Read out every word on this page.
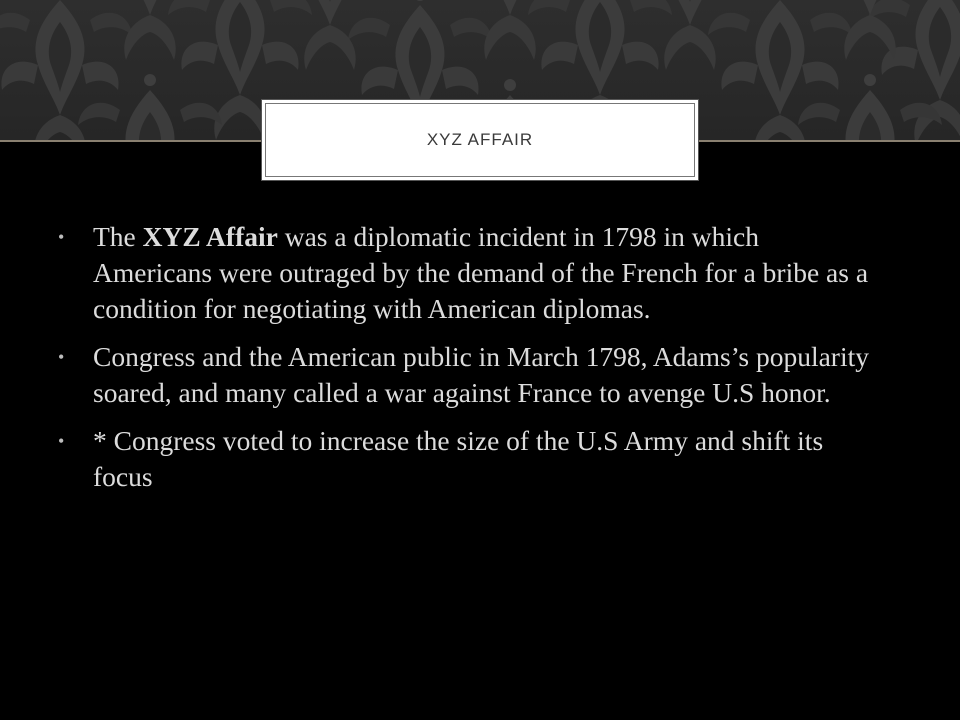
XYZ AFFAIR
• The XYZ Affair was a diplomatic incident in 1798 in which Americans were outraged by the demand of the French for a bribe as a condition for negotiating with American diplomas.
• Congress and the American public in March 1798, Adams’s popularity soared, and many called a war against France to avenge U.S honor.
• * Congress voted to increase the size of the U.S Army and shift its focus
